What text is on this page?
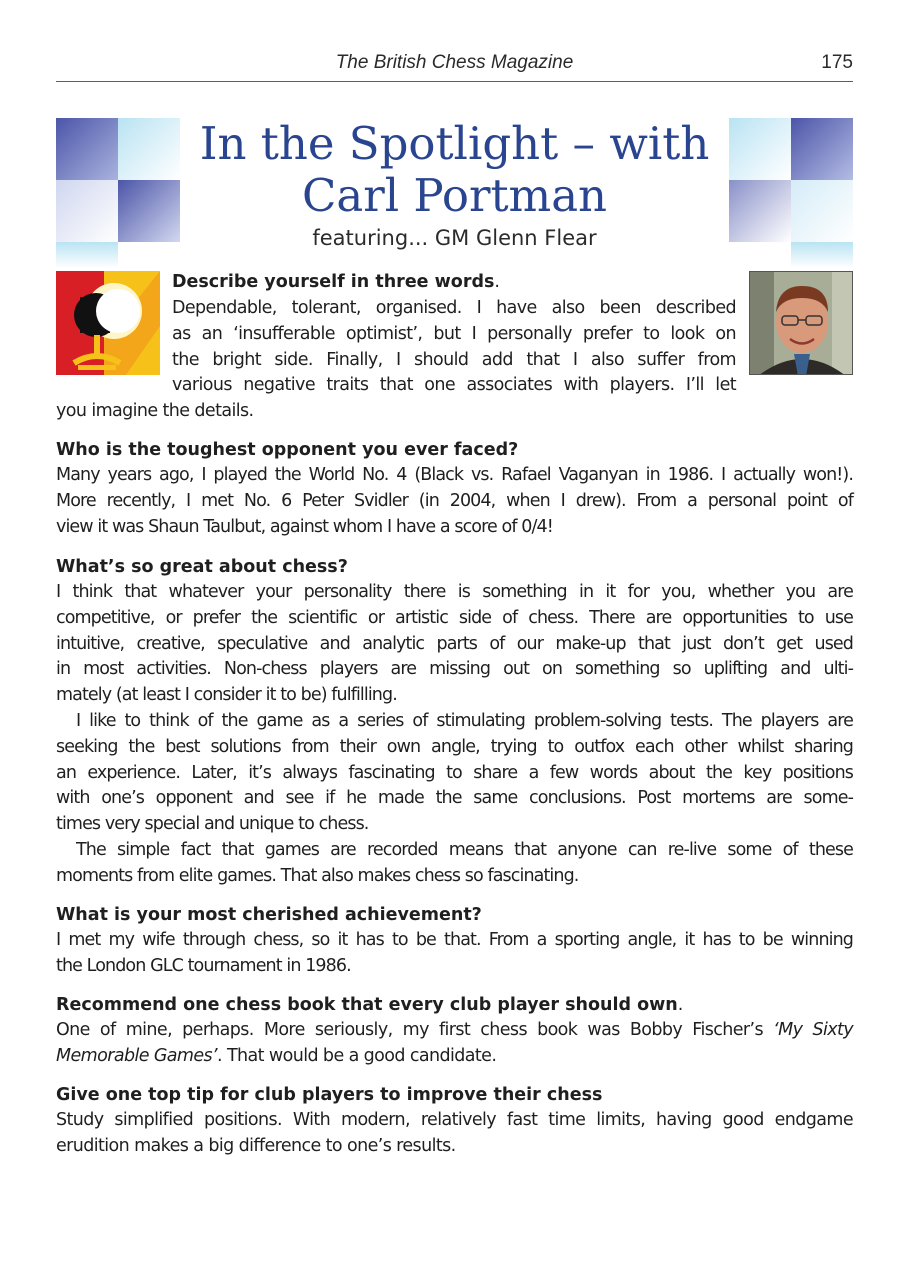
The British Chess Magazine	175
In the Spotlight – with
Carl Portman
featuring... GM Glenn Flear
Describe yourself in three words.
Dependable, tolerant, organised. I have also been described
as an ‘insufferable optimist’, but I personally prefer to look on
the bright side. Finally, I should add that I also suffer from
various negative traits that one associates with players. I’ll let
you imagine the details.
Who is the toughest opponent you ever faced?
Many years ago, I played the World No. 4 (Black vs. Rafael Vaganyan in 1986. I actually won!).
More recently, I met No. 6 Peter Svidler (in 2004, when I drew). From a personal point of
view it was Shaun Taulbut, against whom I have a score of 0/4!
What’s so great about chess?
I think that whatever your personality there is something in it for you, whether you are
competitive, or prefer the scientific or artistic side of chess. There are opportunities to use
intuitive, creative, speculative and analytic parts of our make-up that just don’t get used
in most activities. Non-chess players are missing out on something so uplifting and ulti-
mately (at least I consider it to be) fulfilling.
I like to think of the game as a series of stimulating problem-solving tests. The players are
seeking the best solutions from their own angle, trying to outfox each other whilst sharing
an experience. Later, it’s always fascinating to share a few words about the key positions
with one’s opponent and see if he made the same conclusions. Post mortems are some-
times very special and unique to chess.
The simple fact that games are recorded means that anyone can re-live some of these
moments from elite games. That also makes chess so fascinating.
What is your most cherished achievement?
I met my wife through chess, so it has to be that. From a sporting angle, it has to be winning
the London GLC tournament in 1986.
Recommend one chess book that every club player should own.
One of mine, perhaps. More seriously, my first chess book was Bobby Fischer’s ‘My Sixty
Memorable Games’. That would be a good candidate.
Give one top tip for club players to improve their chess
Study simplified positions. With modern, relatively fast time limits, having good endgame
erudition makes a big difference to one’s results.
